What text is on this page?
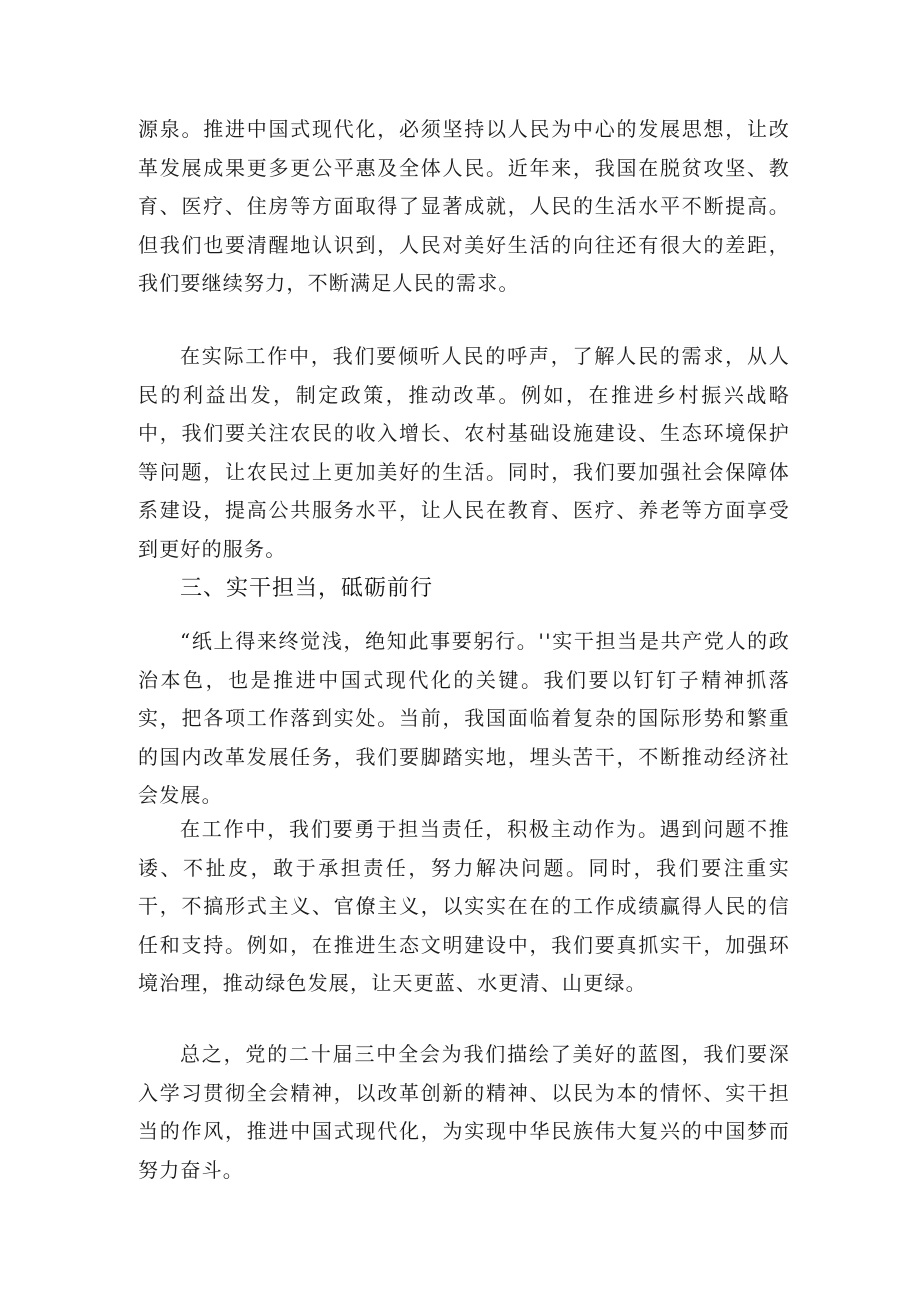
源泉。推进中国式现代化，必须坚持以人民为中心的发展思想，让改革发展成果更多更公平惠及全体人民。近年来，我国在脱贫攻坚、教育、医疗、住房等方面取得了显著成就，人民的生活水平不断提高。但我们也要清醒地认识到，人民对美好生活的向往还有很大的差距，我们要继续努力，不断满足人民的需求。

在实际工作中，我们要倾听人民的呼声，了解人民的需求，从人民的利益出发，制定政策，推动改革。例如，在推进乡村振兴战略中，我们要关注农民的收入增长、农村基础设施建设、生态环境保护等问题，让农民过上更加美好的生活。同时，我们要加强社会保障体系建设，提高公共服务水平，让人民在教育、医疗、养老等方面享受到更好的服务。

三、实干担当，砥砺前行

“纸上得来终觉浅，绝知此事要躬行。''实干担当是共产党人的政治本色，也是推进中国式现代化的关键。我们要以钉钉子精神抓落实，把各项工作落到实处。当前，我国面临着复杂的国际形势和繁重的国内改革发展任务，我们要脚踏实地，埋头苦干，不断推动经济社会发展。

在工作中，我们要勇于担当责任，积极主动作为。遇到问题不推诿、不扯皮，敢于承担责任，努力解决问题。同时，我们要注重实干，不搞形式主义、官僚主义，以实实在在的工作成绩赢得人民的信任和支持。例如，在推进生态文明建设中，我们要真抓实干，加强环境治理，推动绿色发展，让天更蓝、水更清、山更绿。

总之，党的二十届三中全会为我们描绘了美好的蓝图，我们要深入学习贯彻全会精神，以改革创新的精神、以民为本的情怀、实干担当的作风，推进中国式现代化，为实现中华民族伟大复兴的中国梦而努力奋斗。
